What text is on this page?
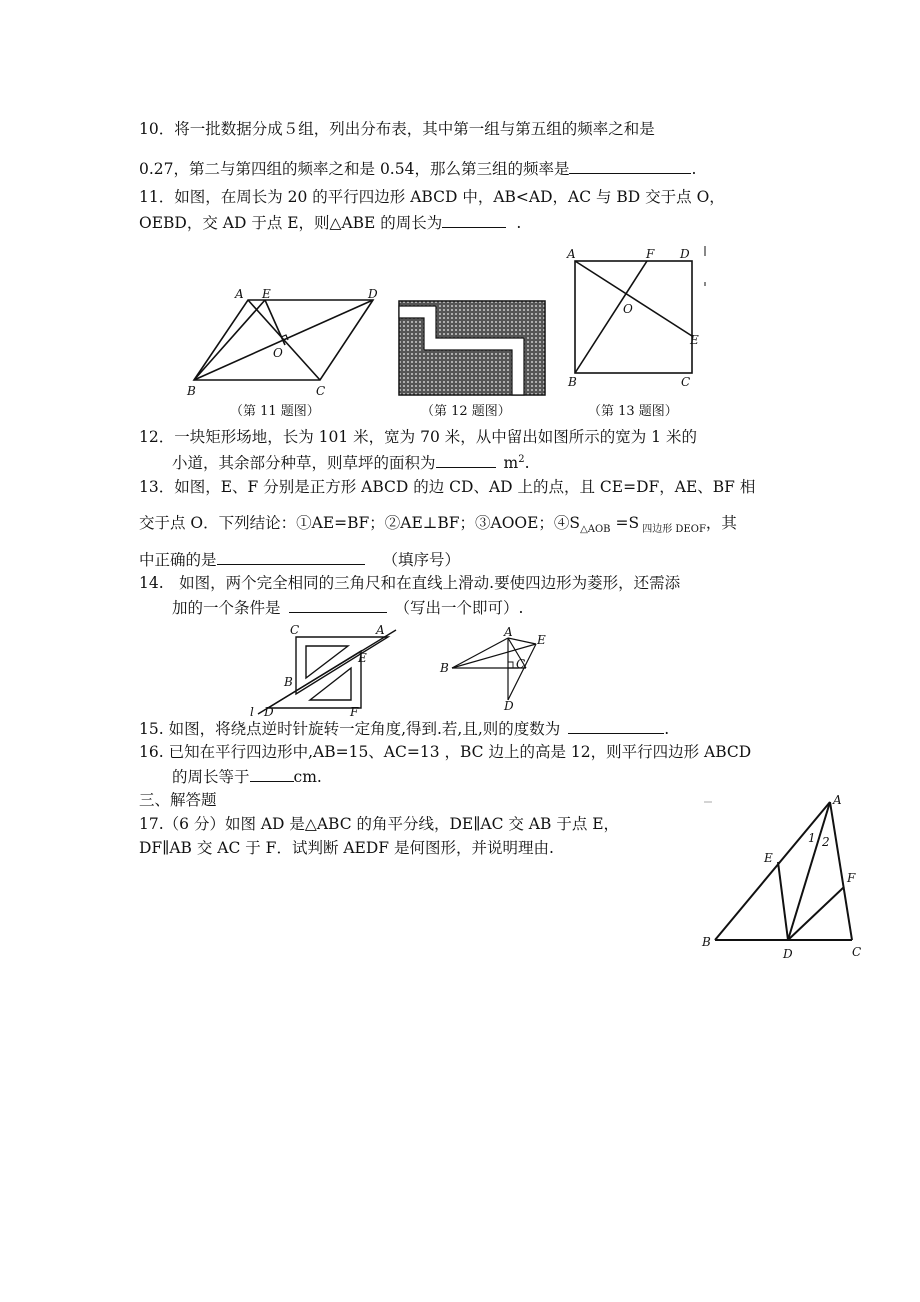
10．将一批数据分成５组，列出分布表，其中第一组与第五组的频率之和是
0.27，第二与第四组的频率之和是 0.54，那么第三组的频率是	.
11．如图，在周长为 20 的平行四边形 ABCD 中，AB<AD，AC 与 BD 交于点 O，
OEBD，交 AD 于点 E，则△ABE 的周长为	.
A E	D
O
B	C
（第 11 题图）	（第 12 题图）
A	F D
O
E
B	C
（第 13 题图）
12．一块矩形场地，长为 101 米，宽为 70 米，从中留出如图所示的宽为 1 米的
小道，其余部分种草，则草坪的面积为	$m^2$.
13．如图，E、F 分别是正方形 ABCD 的边 CD、AD 上的点，且 CE=DF，AE、BF 相
交于点 O．下列结论：①AE=BF；②AE⊥BF；③AOOE；$④S_{\triangle AOB} =S$ $_{四边形 DEOF}$，其
中正确的是	（填序号）
14.　如图，两个完全相同的三角尺和在直线上滑动.要使四边形为菱形，还需添
加的一个条件是	（写出一个即可）.
C	A
E
B
l D	F
A
E
B	C
D
15. 如图，将绕点逆时针旋转一定角度,得到.若,且,则的度数为	.
16. 已知在平行四边形中,AB=15、AC=13 ，BC 边上的高是 12，则平行四边形 ABCD
的周长等于	cm.
三、解答题
17.（6 分）如图 AD 是△ABC 的角平分线，DE∥AC 交 AB 于点 E，
DF∥AB 交 AC 于 F．试判断 AEDF 是何图形，并说明理由.
A
1 2
E
F
B
D	C
